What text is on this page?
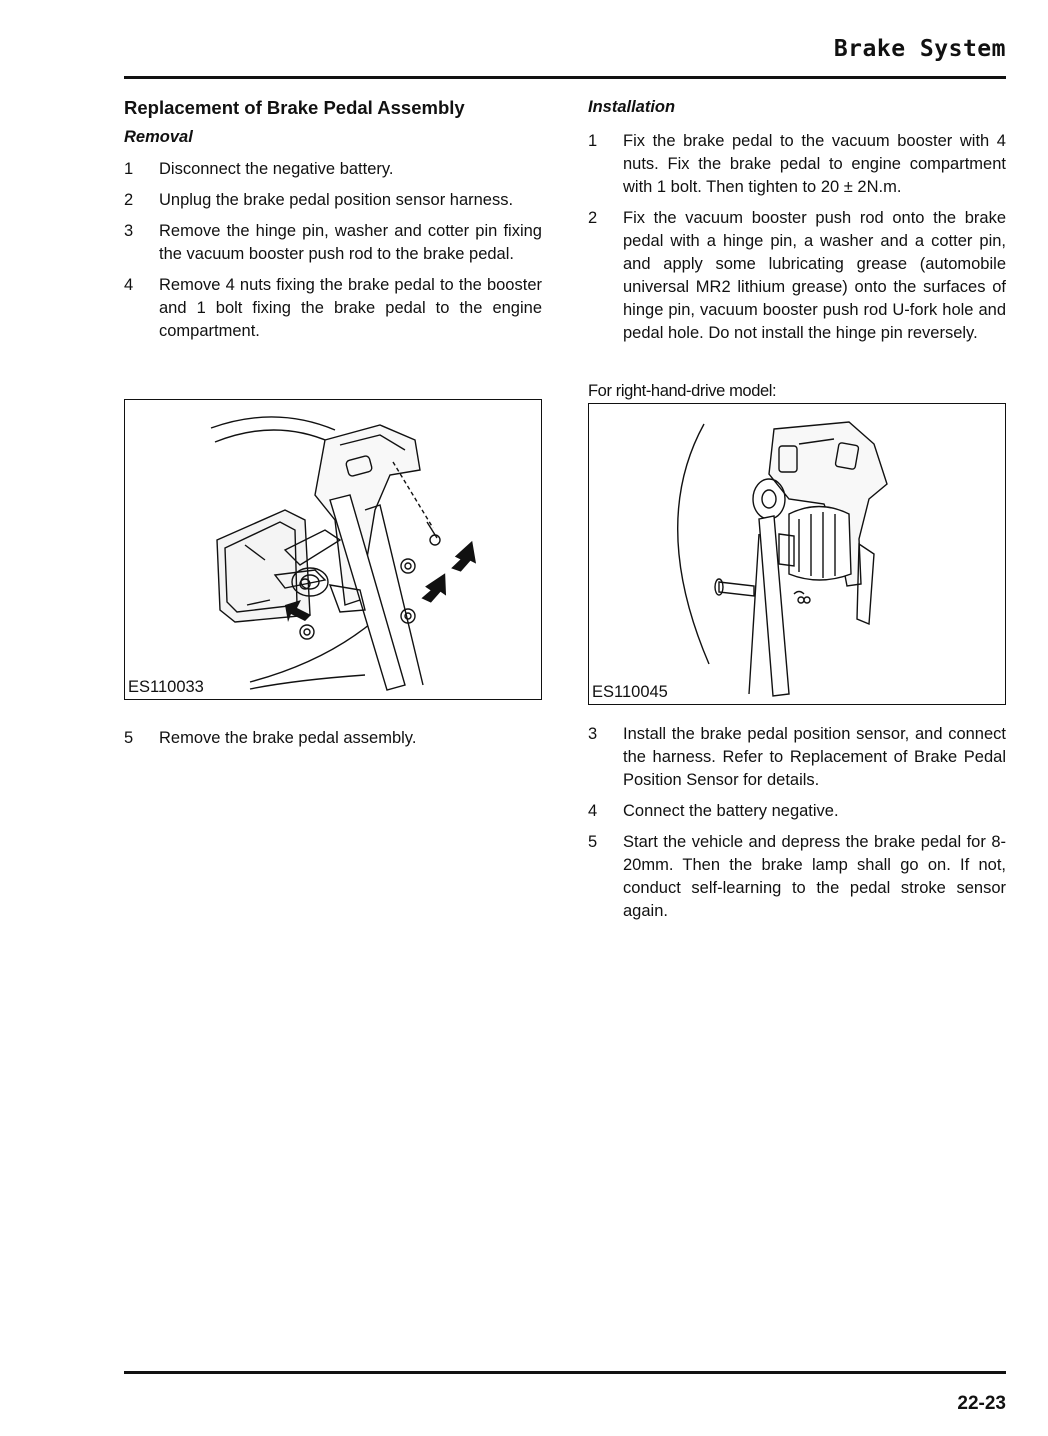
Brake System
Replacement of Brake Pedal Assembly
Removal
1 Disconnect the negative battery.
2 Unplug the brake pedal position sensor harness.
3 Remove the hinge pin, washer and cotter pin fixing the vacuum booster push rod to the brake pedal.
4 Remove 4 nuts fixing the brake pedal to the booster and 1 bolt fixing the brake pedal to the engine compartment.
ES110033
5 Remove the brake pedal assembly.
Installation
1 Fix the brake pedal to the vacuum booster with 4 nuts. Fix the brake pedal to engine compartment with 1 bolt. Then tighten to 20 ± 2N.m.
2 Fix the vacuum booster push rod onto the brake pedal with a hinge pin, a washer and a cotter pin, and apply some lubricating grease (automobile universal MR2 lithium grease) onto the surfaces of hinge pin, vacuum booster push rod U-fork hole and pedal hole. Do not install the hinge pin reversely.
For right-hand-drive model:
ES110045
3 Install the brake pedal position sensor, and connect the harness. Refer to Replacement of Brake Pedal Position Sensor for details.
4 Connect the battery negative.
5 Start the vehicle and depress the brake pedal for 8-20mm. Then the brake lamp shall go on. If not, conduct self-learning to the pedal stroke sensor again.
22-23
